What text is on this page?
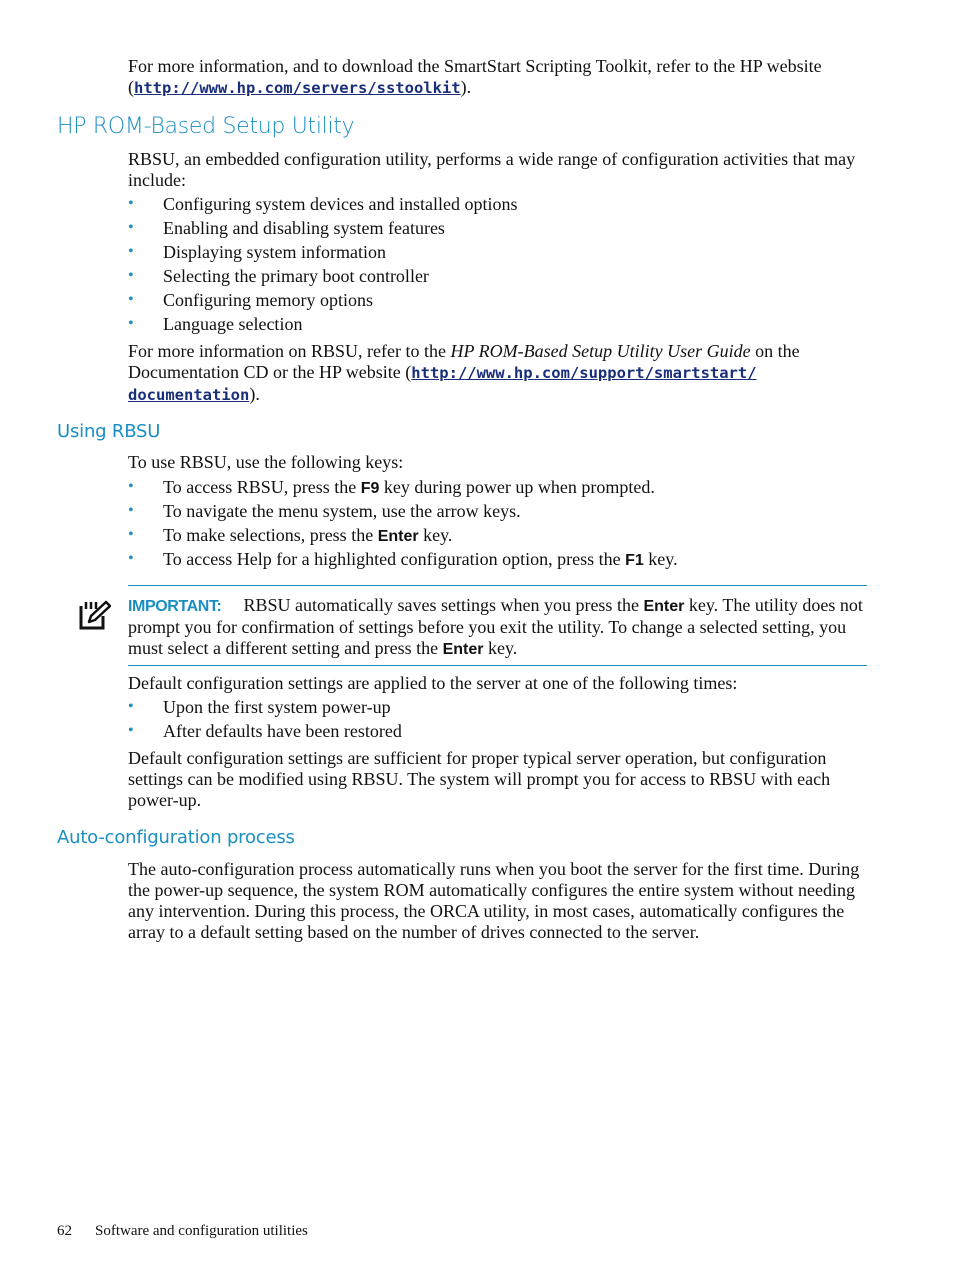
For more information, and to download the SmartStart Scripting Toolkit, refer to the HP website
(http://www.hp.com/servers/sstoolkit).
HP ROM-Based Setup Utility
RBSU, an embedded configuration utility, performs a wide range of configuration activities that may include:
• Configuring system devices and installed options
• Enabling and disabling system features
• Displaying system information
• Selecting the primary boot controller
• Configuring memory options
• Language selection
For more information on RBSU, refer to the HP ROM-Based Setup Utility User Guide on the Documentation CD or the HP website (http://www.hp.com/support/smartstart/
documentation).
Using RBSU
To use RBSU, use the following keys:
• To access RBSU, press the F9 key during power up when prompted.
• To navigate the menu system, use the arrow keys.
• To make selections, press the Enter key.
• To access Help for a highlighted configuration option, press the F1 key.
IMPORTANT: RBSU automatically saves settings when you press the Enter key. The utility does not prompt you for confirmation of settings before you exit the utility. To change a selected setting, you must select a different setting and press the Enter key.
Default configuration settings are applied to the server at one of the following times:
• Upon the first system power-up
• After defaults have been restored
Default configuration settings are sufficient for proper typical server operation, but configuration settings can be modified using RBSU. The system will prompt you for access to RBSU with each power-up.
Auto-configuration process
The auto-configuration process automatically runs when you boot the server for the first time. During the power-up sequence, the system ROM automatically configures the entire system without needing any intervention. During this process, the ORCA utility, in most cases, automatically configures the array to a default setting based on the number of drives connected to the server.
62 Software and configuration utilities
